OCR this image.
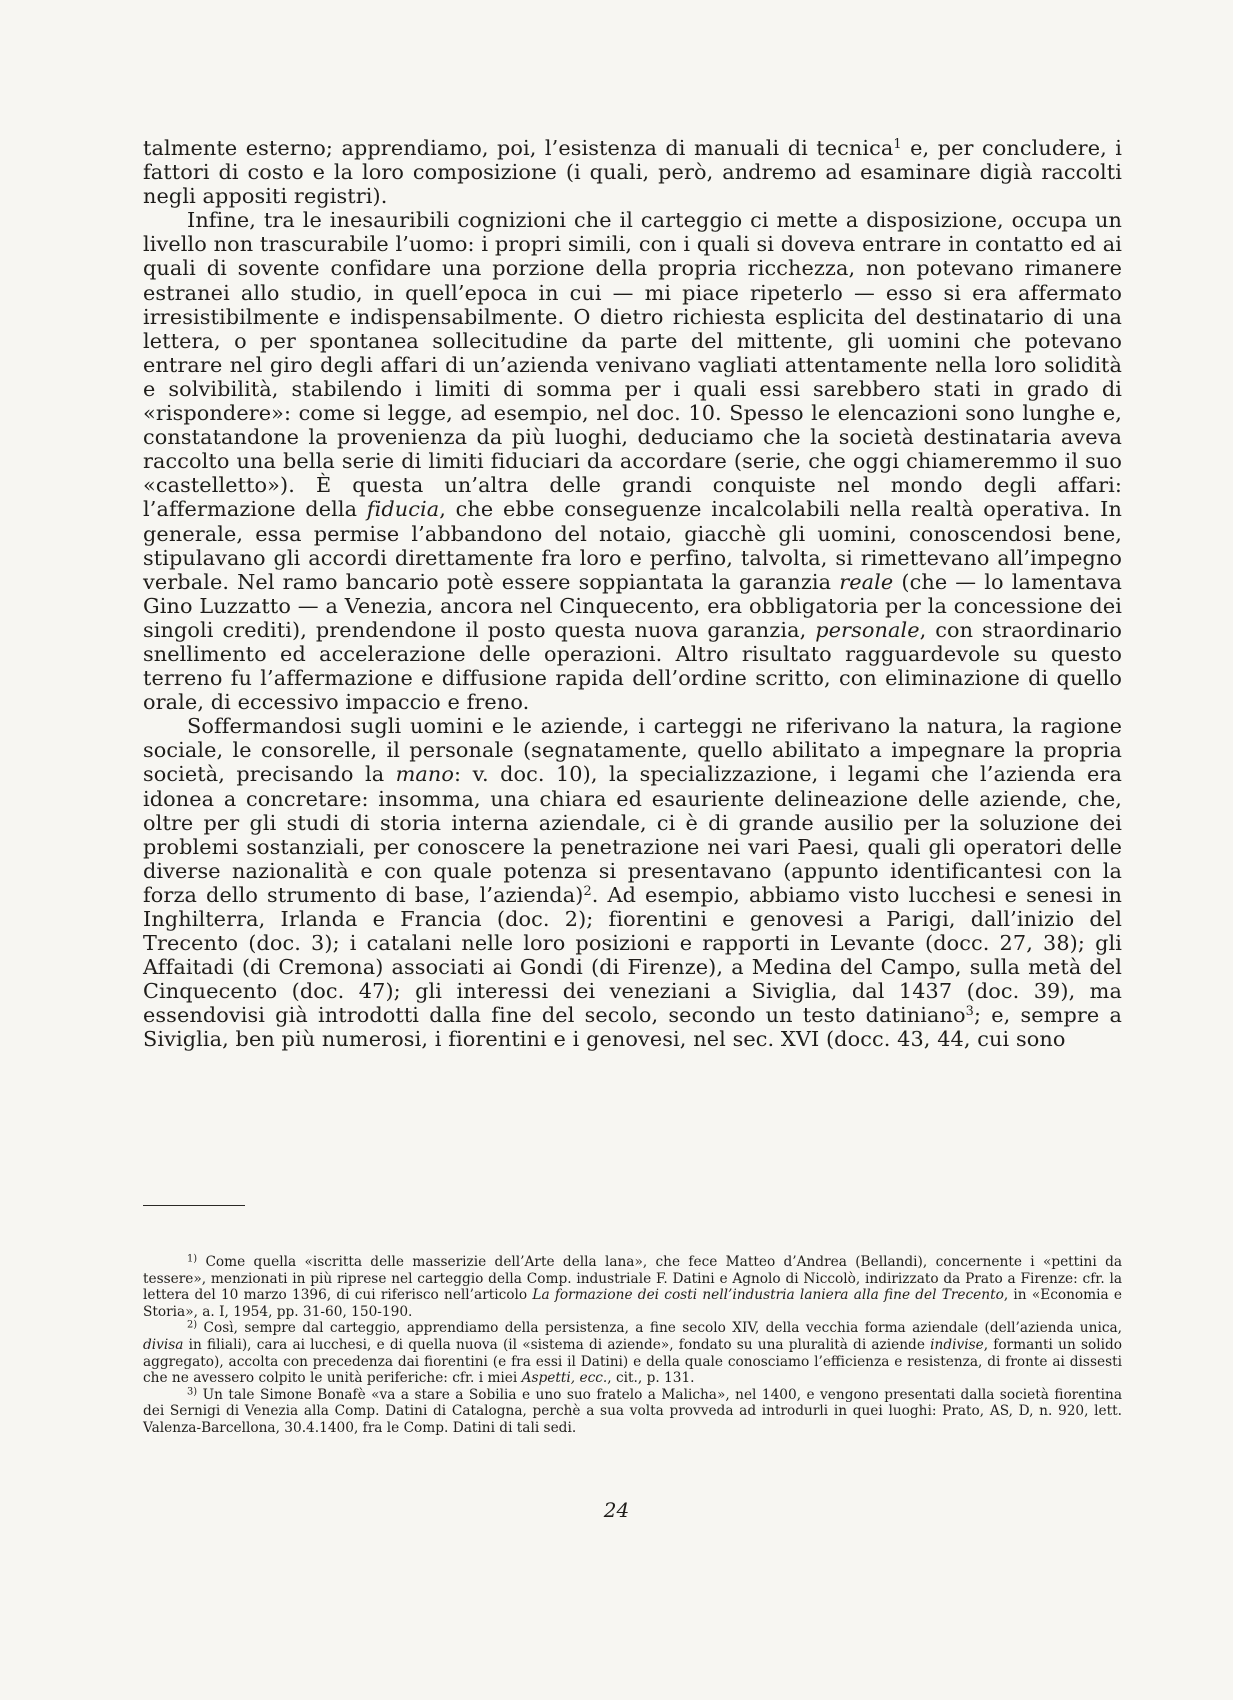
talmente esterno; apprendiamo, poi, l’esistenza di manuali di tecnica$^1$ e, per concludere, i fattori di costo e la loro composizione (i quali, però, andremo ad esaminare digià raccolti negli appositi registri).

Infine, tra le inesauribili cognizioni che il carteggio ci mette a disposizione, occupa un livello non trascurabile l’uomo: i propri simili, con i quali si doveva entrare in contatto ed ai quali di sovente confidare una porzione della propria ricchezza, non potevano rimanere estranei allo studio, in quell’epoca in cui — mi piace ripeterlo — esso si era affermato irresistibilmente e indispensabilmente. O dietro richiesta esplicita del destinatario di una lettera, o per spontanea sollecitudine da parte del mittente, gli uomini che potevano entrare nel giro degli affari di un’azienda venivano vagliati attentamente nella loro solidità e solvibilità, stabilendo i limiti di somma per i quali essi sarebbero stati in grado di «rispondere»: come si legge, ad esempio, nel doc. 10. Spesso le elencazioni sono lunghe e, constatandone la provenienza da più luoghi, deduciamo che la società destinataria aveva raccolto una bella serie di limiti fiduciari da accordare (serie, che oggi chiameremmo il suo «castelletto»). È questa un’altra delle grandi conquiste nel mondo degli affari: l’affermazione della fiducia, che ebbe conseguenze incalcolabili nella realtà operativa. In generale, essa permise l’abbandono del notaio, giacchè gli uomini, conoscendosi bene, stipulavano gli accordi direttamente fra loro e perfino, talvolta, si rimettevano all’impegno verbale. Nel ramo bancario potè essere soppiantata la garanzia reale (che — lo lamentava Gino Luzzatto — a Venezia, ancora nel Cinquecento, era obbligatoria per la concessione dei singoli crediti), prendendone il posto questa nuova garanzia, personale, con straordinario snellimento ed accelerazione delle operazioni. Altro risultato ragguardevole su questo terreno fu l’affermazione e diffusione rapida dell’ordine scritto, con eliminazione di quello orale, di eccessivo impaccio e freno.

Soffermandosi sugli uomini e le aziende, i carteggi ne riferivano la natura, la ragione sociale, le consorelle, il personale (segnatamente, quello abilitato a impegnare la propria società, precisando la mano: v. doc. 10), la specializzazione, i legami che l’azienda era idonea a concretare: insomma, una chiara ed esauriente delineazione delle aziende, che, oltre per gli studi di storia interna aziendale, ci è di grande ausilio per la soluzione dei problemi sostanziali, per conoscere la penetrazione nei vari Paesi, quali gli operatori delle diverse nazionalità e con quale potenza si presentavano (appunto identificantesi con la forza dello strumento di base, l’azienda)$^2$. Ad esempio, abbiamo visto lucchesi e senesi in Inghilterra, Irlanda e Francia (doc. 2); fiorentini e genovesi a Parigi, dall’inizio del Trecento (doc. 3); i catalani nelle loro posizioni e rapporti in Levante (docc. 27, 38); gli Affaitadi (di Cremona) associati ai Gondi (di Firenze), a Medina del Campo, sulla metà del Cinquecento (doc. 47); gli interessi dei veneziani a Siviglia, dal 1437 (doc. 39), ma essendovisi già introdotti dalla fine del secolo, secondo un testo datiniano$^3$; e, sempre a Siviglia, ben più numerosi, i fiorentini e i genovesi, nel sec. XVI (docc. 43, 44, cui sono

$^{1)}$ Come quella «iscritta delle masserizie dell’Arte della lana», che fece Matteo d’Andrea (Bellandi), concernente i «pettini da tessere», menzionati in più riprese nel carteggio della Comp. industriale F. Datini e Agnolo di Niccolò, indirizzato da Prato a Firenze: cfr. la lettera del 10 marzo 1396, di cui riferisco nell’articolo La formazione dei costi nell’industria laniera alla fine del Trecento, in «Economia e Storia», a. I, 1954, pp. 31-60, 150-190.

$^{2)}$ Così, sempre dal carteggio, apprendiamo della persistenza, a fine secolo XIV, della vecchia forma aziendale (dell’azienda unica, divisa in filiali), cara ai lucchesi, e di quella nuova (il «sistema di aziende», fondato su una pluralità di aziende indivise, formanti un solido aggregato), accolta con precedenza dai fiorentini (e fra essi il Datini) e della quale conosciamo l’efficienza e resistenza, di fronte ai dissesti che ne avessero colpito le unità periferiche: cfr. i miei Aspetti, ecc., cit., p. 131.

$^{3)}$ Un tale Simone Bonafè «va a stare a Sobilia e uno suo fratelo a Malicha», nel 1400, e vengono presentati dalla società fiorentina dei Sernigi di Venezia alla Comp. Datini di Catalogna, perchè a sua volta provveda ad introdurli in quei luoghi: Prato, AS, D, n. 920, lett. Valenza-Barcellona, 30.4.1400, fra le Comp. Datini di tali sedi.

24
